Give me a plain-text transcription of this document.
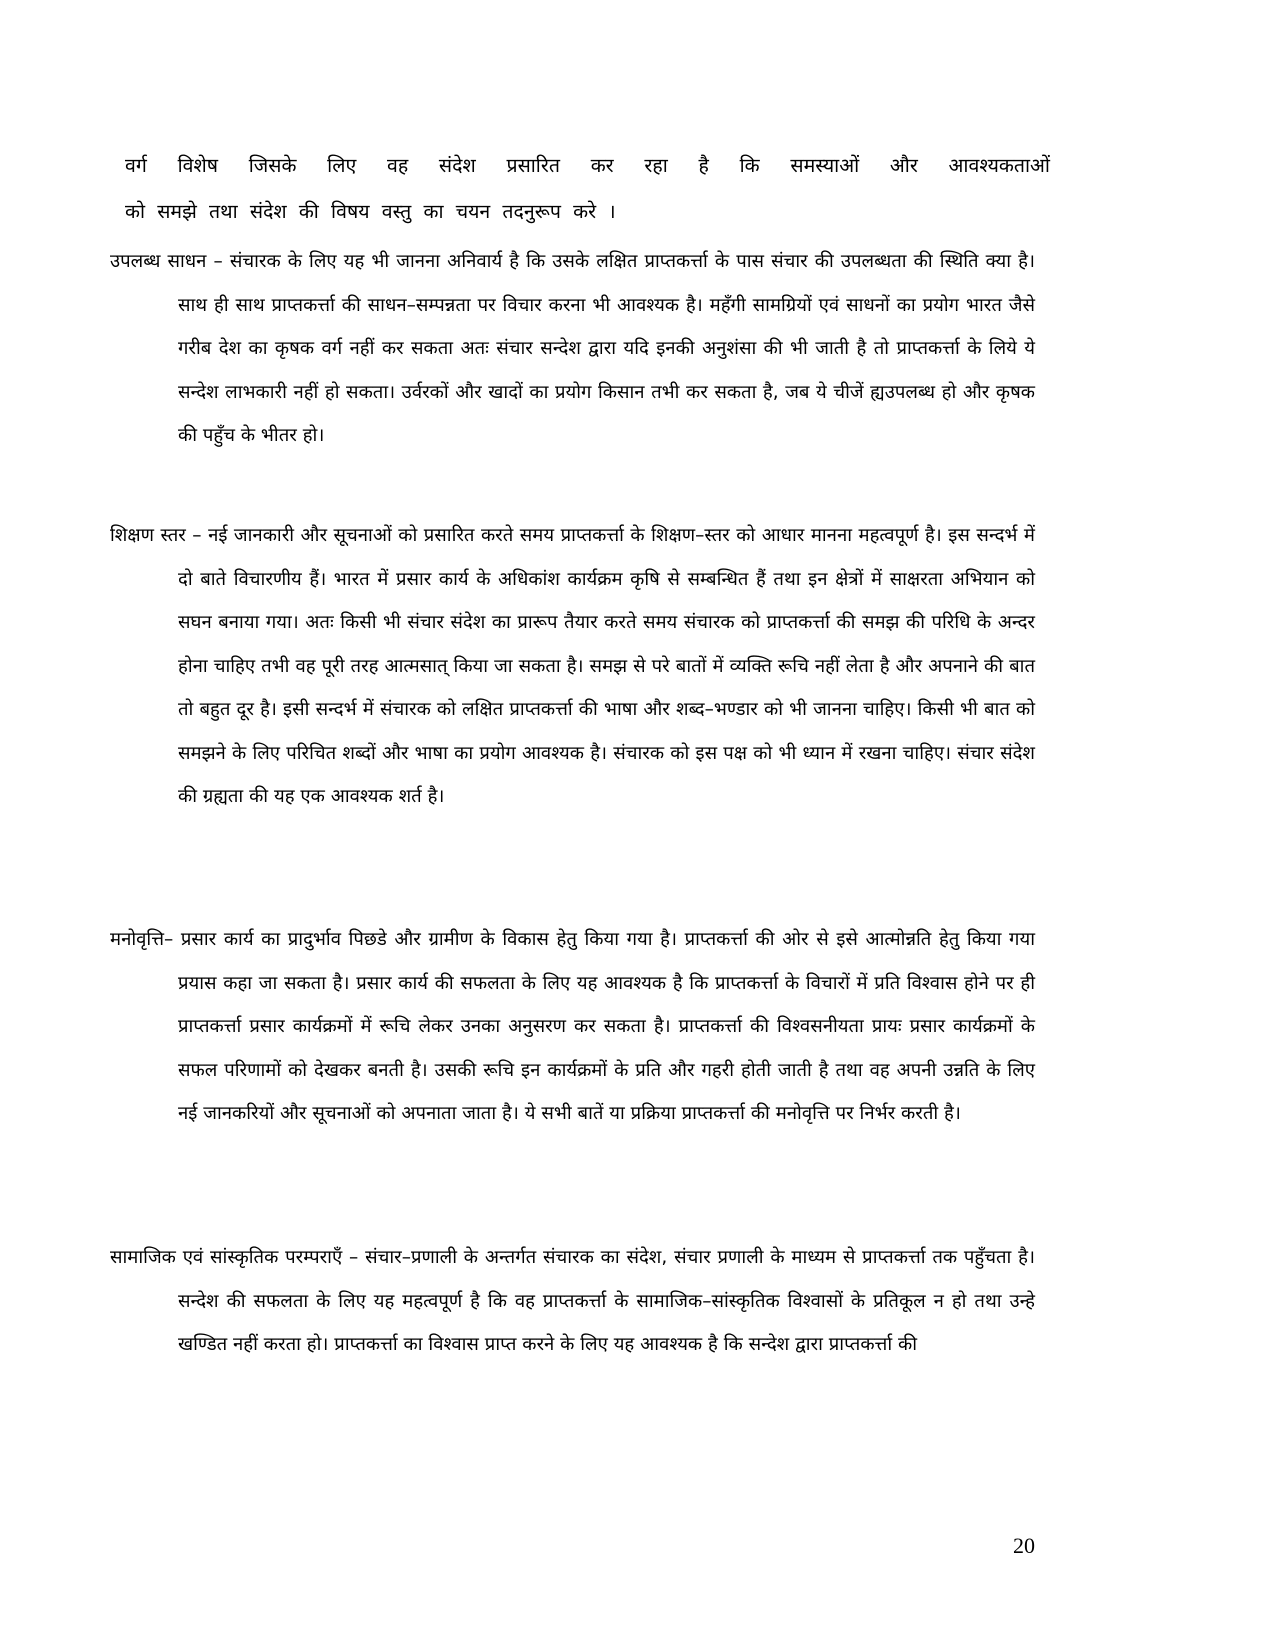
वर्ग विशेष जिसके लिए वह संदेश प्रसारित कर रहा है कि समस्याओं और आवश्यकताओं
को समझे तथा संदेश की विषय वस्तु का चयन तदनुरूप करे ।
उपलब्ध साधन – संचारक के लिए यह भी जानना अनिवार्य है कि उसके लक्षित प्राप्तकर्त्ता के पास संचार की उपलब्धता की स्थिति क्या है। साथ ही साथ प्राप्तकर्त्ता की साधन–सम्पन्नता पर विचार करना भी आवश्यक है। महँगी सामग्रियों एवं साधनों का प्रयोग भारत जैसे गरीब देश का कृषक वर्ग नहीं कर सकता अतः संचार सन्देश द्वारा यदि इनकी अनुशंसा की भी जाती है तो प्राप्तकर्त्ता के लिये ये सन्देश लाभकारी नहीं हो सकता। उर्वरकों और खादों का प्रयोग किसान तभी कर सकता है, जब ये चीजें ह्यउपलब्ध हो और कृषक की पहुँच के भीतर हो।
शिक्षण स्तर – नई जानकारी और सूचनाओं को प्रसारित करते समय प्राप्तकर्त्ता के शिक्षण–स्तर को आधार मानना महत्वपूर्ण है। इस सन्दर्भ में दो बाते विचारणीय हैं। भारत में प्रसार कार्य के अधिकांश कार्यक्रम कृषि से सम्बन्धित हैं तथा इन क्षेत्रों में साक्षरता अभियान को सघन बनाया गया। अतः किसी भी संचार संदेश का प्रारूप तैयार करते समय संचारक को प्राप्तकर्त्ता की समझ की परिधि के अन्दर होना चाहिए तभी वह पूरी तरह आत्मसात् किया जा सकता है। समझ से परे बातों में व्यक्ति रूचि नहीं लेता है और अपनाने की बात तो बहुत दूर है। इसी सन्दर्भ में संचारक को लक्षित प्राप्तकर्त्ता की भाषा और शब्द–भण्डार को भी जानना चाहिए। किसी भी बात को समझने के लिए परिचित शब्दों और भाषा का प्रयोग आवश्यक है। संचारक को इस पक्ष को भी ध्यान में रखना चाहिए। संचार संदेश की ग्रह्यता की यह एक आवश्यक शर्त है।
मनोवृत्ति– प्रसार कार्य का प्रादुर्भाव पिछडे और ग्रामीण के विकास हेतु किया गया है। प्राप्तकर्त्ता की ओर से इसे आत्मोन्नति हेतु किया गया प्रयास कहा जा सकता है। प्रसार कार्य की सफलता के लिए यह आवश्यक है कि प्राप्तकर्त्ता के विचारों में प्रति विश्वास होने पर ही प्राप्तकर्त्ता प्रसार कार्यक्रमों में रूचि लेकर उनका अनुसरण कर सकता है। प्राप्तकर्त्ता की विश्वसनीयता प्रायः प्रसार कार्यक्रमों के सफल परिणामों को देखकर बनती है। उसकी रूचि इन कार्यक्रमों के प्रति और गहरी होती जाती है तथा वह अपनी उन्नति के लिए नई जानकरियों और सूचनाओं को अपनाता जाता है। ये सभी बातें या प्रक्रिया प्राप्तकर्त्ता की मनोवृत्ति पर निर्भर करती है।
सामाजिक एवं सांस्कृतिक परम्पराएँ – संचार–प्रणाली के अन्तर्गत संचारक का संदेश, संचार प्रणाली के माध्यम से प्राप्तकर्त्ता तक पहुँचता है। सन्देश की सफलता के लिए यह महत्वपूर्ण है कि वह प्राप्तकर्त्ता के सामाजिक–सांस्कृतिक विश्वासों के प्रतिकूल न हो तथा उन्हे खण्डित नहीं करता हो। प्राप्तकर्त्ता का विश्वास प्राप्त करने के लिए यह आवश्यक है कि सन्देश द्वारा प्राप्तकर्त्ता की
20
